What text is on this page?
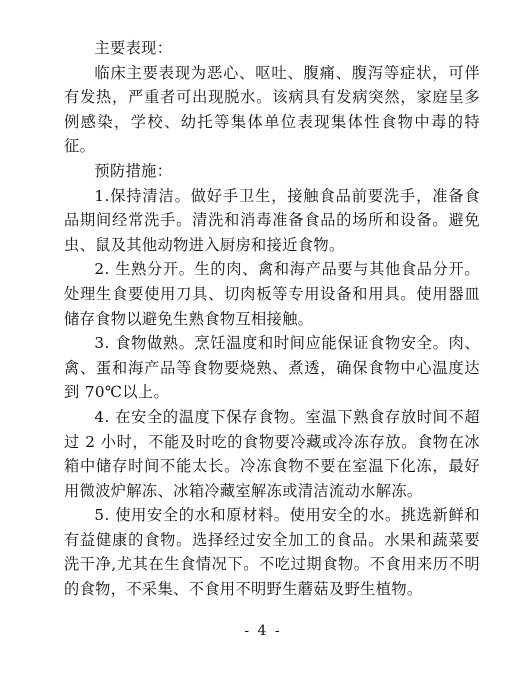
主要表现：

临床主要表现为恶心、呕吐、腹痛、腹泻等症状，可伴有发热，严重者可出现脱水。该病具有发病突然，家庭呈多例感染，学校、幼托等集体单位表现集体性食物中毒的特征。

预防措施：

1.保持清洁。做好手卫生，接触食品前要洗手，准备食品期间经常洗手。清洗和消毒准备食品的场所和设备。避免虫、鼠及其他动物进入厨房和接近食物。

2. 生熟分开。生的肉、禽和海产品要与其他食品分开。处理生食要使用刀具、切肉板等专用设备和用具。使用器皿储存食物以避免生熟食物互相接触。

3. 食物做熟。烹饪温度和时间应能保证食物安全。肉、禽、蛋和海产品等食物要烧熟、煮透，确保食物中心温度达到 70℃以上。

4. 在安全的温度下保存食物。室温下熟食存放时间不超过 2 小时，不能及时吃的食物要冷藏或冷冻存放。食物在冰箱中储存时间不能太长。冷冻食物不要在室温下化冻，最好用微波炉解冻、冰箱冷藏室解冻或清洁流动水解冻。

5. 使用安全的水和原材料。使用安全的水。挑选新鲜和有益健康的食物。选择经过安全加工的食品。水果和蔬菜要洗干净,尤其在生食情况下。不吃过期食物。不食用来历不明的食物，不采集、不食用不明野生蘑菇及野生植物。

- 4 -
